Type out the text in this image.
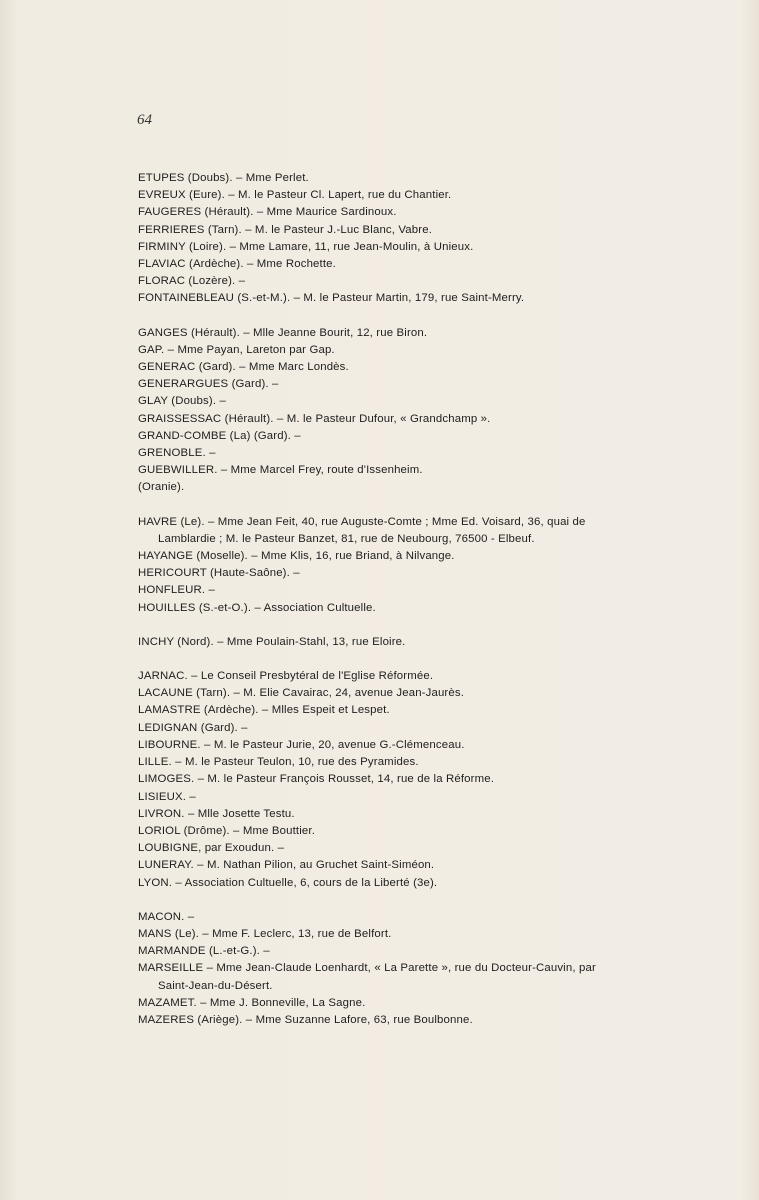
64
ETUPES (Doubs). – Mme Perlet.
EVREUX (Eure). – M. le Pasteur Cl. Lapert, rue du Chantier.
FAUGERES (Hérault). – Mme Maurice Sardinoux.
FERRIERES (Tarn). – M. le Pasteur J.-Luc Blanc, Vabre.
FIRMINY (Loire). – Mme Lamare, 11, rue Jean-Moulin, à Unieux.
FLAVIAC (Ardèche). – Mme Rochette.
FLORAC (Lozère). –
FONTAINEBLEAU (S.-et-M.). – M. le Pasteur Martin, 179, rue Saint-Merry.
GANGES (Hérault). – Mlle Jeanne Bourit, 12, rue Biron.
GAP. – Mme Payan, Lareton par Gap.
GENERAC (Gard). – Mme Marc Londès.
GENERARGUES (Gard). –
GLAY (Doubs). –
GRAISSESSAC (Hérault). – M. le Pasteur Dufour, « Grandchamp ».
GRAND-COMBE (La) (Gard). –
GRENOBLE. –
GUEBWILLER. – Mme Marcel Frey, route d'Issenheim.
(Oranie).
HAVRE (Le). – Mme Jean Feit, 40, rue Auguste-Comte ; Mme Ed. Voisard, 36, quai de Lamblardie ; M. le Pasteur Banzet, 81, rue de Neubourg, 76500 - Elbeuf.
HAYANGE (Moselle). – Mme Klis, 16, rue Briand, à Nilvange.
HERICOURT (Haute-Saône). –
HONFLEUR. –
HOUILLES (S.-et-O.). – Association Cultuelle.
INCHY (Nord). – Mme Poulain-Stahl, 13, rue Eloire.
JARNAC. – Le Conseil Presbytéral de l'Eglise Réformée.
LACAUNE (Tarn). – M. Elie Cavairac, 24, avenue Jean-Jaurès.
LAMASTRE (Ardèche). – Mlles Espeit et Lespet.
LEDIGNAN (Gard). –
LIBOURNE. – M. le Pasteur Jurie, 20, avenue G.-Clémenceau.
LILLE. – M. le Pasteur Teulon, 10, rue des Pyramides.
LIMOGES. – M. le Pasteur François Rousset, 14, rue de la Réforme.
LISIEUX. –
LIVRON. – Mlle Josette Testu.
LORIOL (Drôme). – Mme Bouttier.
LOUBIGNE, par Exoudun. –
LUNERAY. – M. Nathan Pilion, au Gruchet Saint-Siméon.
LYON. – Association Cultuelle, 6, cours de la Liberté (3e).
MACON. –
MANS (Le). – Mme F. Leclerc, 13, rue de Belfort.
MARMANDE (L.-et-G.). –
MARSEILLE – Mme Jean-Claude Loenhardt, « La Parette », rue du Docteur-Cauvin, par Saint-Jean-du-Désert.
MAZAMET. – Mme J. Bonneville, La Sagne.
MAZERES (Ariège). – Mme Suzanne Lafore, 63, rue Boulbonne.
